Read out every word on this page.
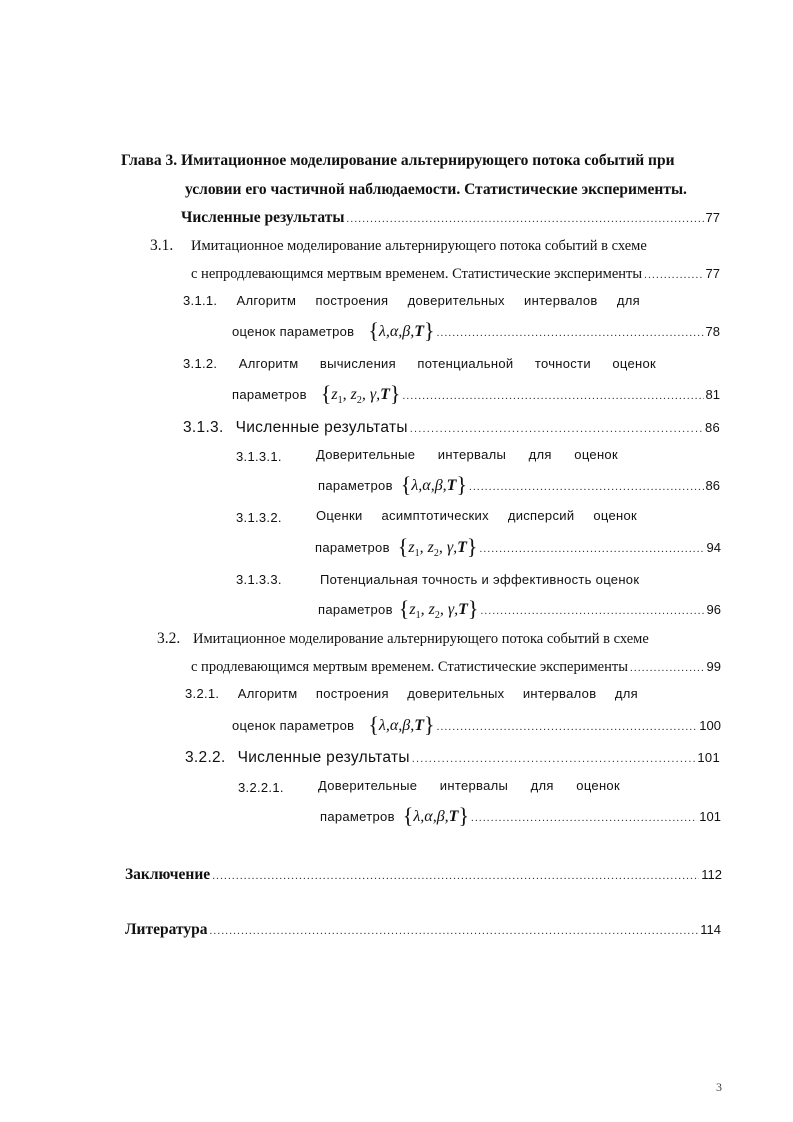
Глава 3. Имитационное моделирование альтернирующего потока событий при
условии его частичной наблюдаемости. Статистические эксперименты.
Численные результаты .....	77
3.1. Имитационное моделирование альтернирующего потока событий в схеме
с непродлевающимся мертвым временем. Статистические эксперименты .....	77
3.1.1. Алгоритм построения доверительных интервалов для
оценок параметров {λ,α,β,T} .....	78
3.1.2. Алгоритм вычисления потенциальной точности оценок
параметров {$z_1$, $z_2$, γ,T} .....	81
3.1.3. Численные результаты .....	86
3.1.3.1.	Доверительные интервалы для оценок
параметров {λ,α,β,T} .....	86
3.1.3.2.	Оценки асимптотических дисперсий оценок
параметров {$z_1$, $z_2$, γ,T} .....	94
3.1.3.3.	Потенциальная точность и эффективность оценок
параметров {$z_1$, $z_2$, γ,T} .....	96
3.2. Имитационное моделирование альтернирующего потока событий в схеме
с продлевающимся мертвым временем. Статистические эксперименты .....	99
3.2.1. Алгоритм построения доверительных интервалов для
оценок параметров {λ,α,β,T} .....	100
3.2.2. Численные результаты .....	101
3.2.2.1.	Доверительные интервалы для оценок
параметров {λ,α,β,T} .....	101
Заключение .....	112
Литература .....	114
3
